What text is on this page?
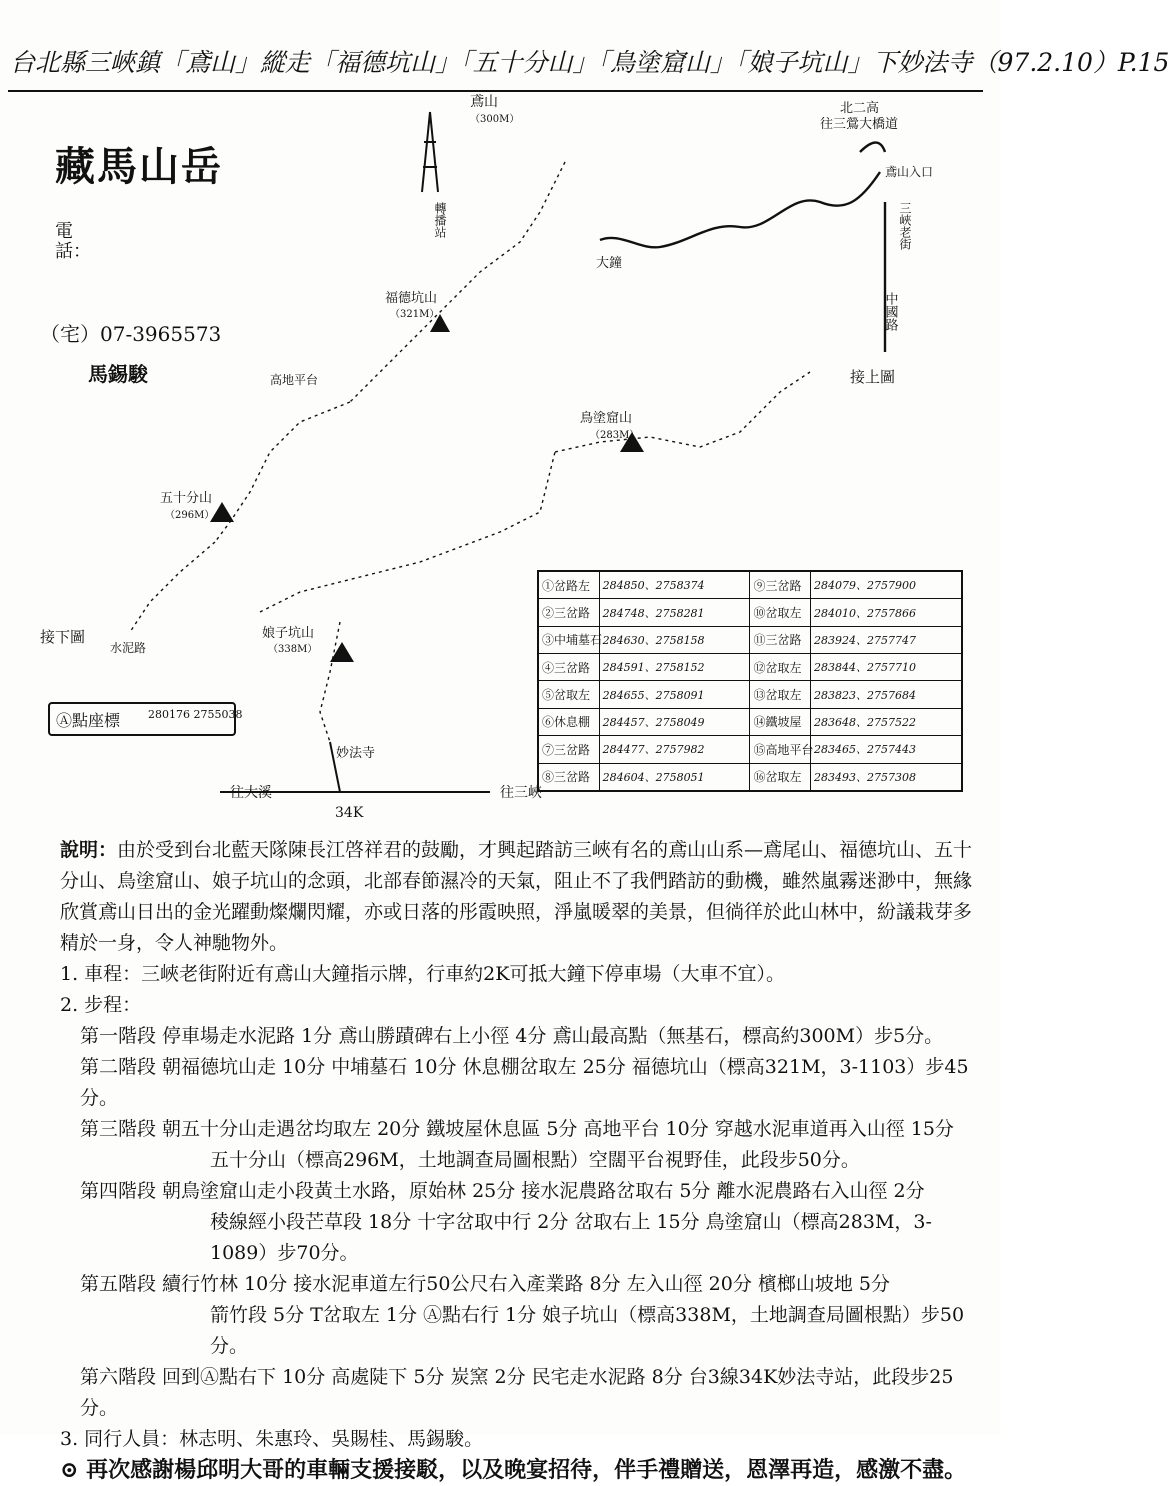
台北縣三峽鎮「鳶山」縱走「福德坑山」「五十分山」「鳥塗窟山」「娘子坑山」下妙法寺（97.2.10）P.15
鳶山
（300M）
轉播站
北二高
往三鶯大橋道
鳶山入口
三峽老街
中國路
大鐘
福德坑山
（321M）
高地平台
五十分山
（296M）
鳥塗窟山
（283M）
娘子坑山
（338M）
妙法寺
往大溪	往三峽
34K
接下圖
接上圖
水泥路
藏馬山岳
電話：
（宅）07-3965573
馬錫駿
Ⓐ點座標	280176 2755038
①岔路左	284850、2758374	⑨三岔路	284079、2757900
②三岔路	284748、2758281	⑩岔取左	284010、2757866
③中埔墓石	284630、2758158	⑪三岔路	283924、2757747
④三岔路	284591、2758152	⑫岔取左	283844、2757710
⑤岔取左	284655、2758091	⑬岔取左	283823、2757684
⑥休息棚	284457、2758049	⑭鐵坡屋	283648、2757522
⑦三岔路	284477、2757982	⑮高地平台	283465、2757443
⑧三岔路	284604、2758051	⑯岔取左	283493、2757308

說明：由於受到台北藍天隊陳長江啓祥君的鼓勵，才興起踏訪三峽有名的鳶山山系—鳶尾山、福德坑山、五十分山、鳥塗窟山、娘子坑山的念頭，北部春節濕冷的天氣，阻止不了我們踏訪的動機，雖然嵐霧迷渺中，無緣欣賞鳶山日出的金光躍動燦爛閃耀，亦或日落的彤霞映照，淨嵐暖翠的美景，但徜徉於此山林中，紛議栽芽多精於一身，令人神馳物外。

1. 車程：三峽老街附近有鳶山大鐘指示牌，行車約2K可抵大鐘下停車場（大車不宜）。

2. 步程：

第一階段 停車場走水泥路 1分 鳶山勝蹟碑右上小徑 4分 鳶山最高點（無基石，標高約300M）步5分。

第二階段 朝福德坑山走 10分 中埔墓石 10分 休息棚岔取左 25分 福德坑山（標高321M，3-1103）步45分。

第三階段 朝五十分山走遇岔均取左 20分 鐵坡屋休息區 5分 高地平台 10分 穿越水泥車道再入山徑 15分

五十分山（標高296M，土地調查局圖根點）空闊平台視野佳，此段步50分。

第四階段 朝鳥塗窟山走小段黃土水路，原始林 25分 接水泥農路岔取右 5分 離水泥農路右入山徑 2分

稜線經小段芒草段 18分 十字岔取中行 2分 岔取右上 15分 鳥塗窟山（標高283M，3-1089）步70分。

第五階段 續行竹林 10分 接水泥車道左行50公尺右入產業路 8分 左入山徑 20分 檳榔山坡地 5分

箭竹段 5分 T岔取左 1分 Ⓐ點右行 1分 娘子坑山（標高338M，土地調查局圖根點）步50分。

第六階段 回到Ⓐ點右下 10分 高處陡下 5分 炭窯 2分 民宅走水泥路 8分 台3線34K妙法寺站，此段步25分。

3. 同行人員：林志明、朱惠玲、吳賜桂、馬錫駿。

⊙ 再次感謝楊邱明大哥的車輛支援接駁，以及晚宴招待，伴手禮贈送，恩澤再造，感激不盡。
